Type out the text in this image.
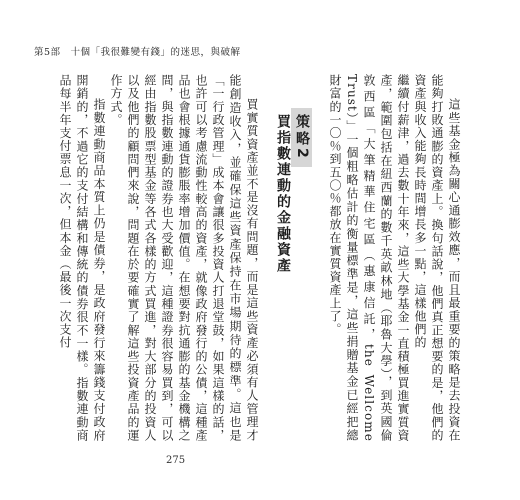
第5部　十個「我很難變有錢」的迷思，與破解

這些基金極為關心通膨效應，而且最重要的策略是去投資在能夠打敗通膨的資產上。換句話說，他們真正想要的是，他們的資產與收入能夠長時間增長多一點，這樣他們的

繼續付薪津，過去數十年來，這些大學基金一直積極買進實質資產，範圍包括在紐西蘭的數千英畝林地（耶魯大學），到英國倫敦西區「大筆精華住宅區（惠康信託，the Wellcome Trust）」一個粗略估計的衡量標準是，這些捐贈基金已經把總財富的一〇％到五〇％都放在實質資產上了。

策略2
買指數連動的金融資產

買實質資產並不是沒有問題，而是這些資產必須有人管理才能創造收入，並確保這些資產保持在市場期待的標準。這也是「一行政管理」成本會讓很多投資人打退堂鼓，如果這樣的話，也許可以考慮流動性較高的資產，就像政府發行的公債，這種產品也會根據通貨膨脹率增加價值。在想要對抗通膨的基金機構之間，與指數連動的證券也大受歡迎，這種證券很容易買到，可以經由指數股票型基金等各式各樣的方式買進，對大部分的投資人以及他們的顧問們來說，問題在於要確實了解這些投資產品的運作方式。

指數連動商品本質上仍是債券，是政府發行來籌錢支付政府開銷的，不過它的支付結構和傳統的債券很不一樣。指數連動商品每半年支付票息一次，但本金（最後一次支付

275
